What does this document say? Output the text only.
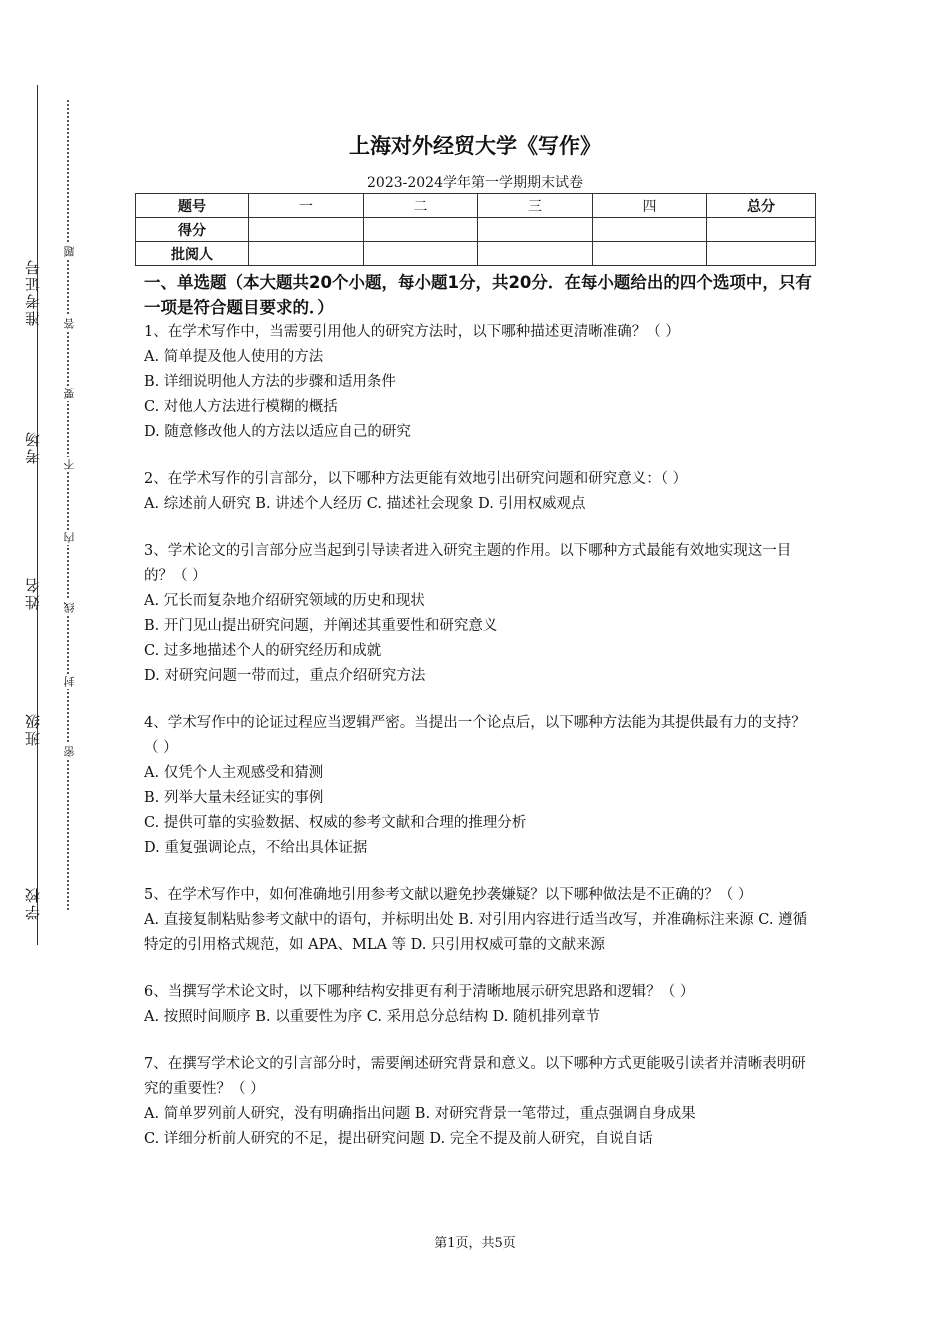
准考证号
考场
姓名
班级
学校
题
答
要
不
内
线
封
密
上海对外经贸大学《写作》
2023-2024学年第一学期期末试卷
题号	一	二	三	四	总分
得分					
批阅人					
一、单选题（本大题共20个小题，每小题1分，共20分．在每小题给出的四个选项中，只有一项是符合题目要求的．）

1、在学术写作中，当需要引用他人的研究方法时，以下哪种描述更清晰准确？（ ）

A. 简单提及他人使用的方法

B. 详细说明他人方法的步骤和适用条件

C. 对他人方法进行模糊的概括

D. 随意修改他人的方法以适应自己的研究

2、在学术写作的引言部分，以下哪种方法更能有效地引出研究问题和研究意义：（ ）

A. 综述前人研究 B. 讲述个人经历 C. 描述社会现象 D. 引用权威观点

3、学术论文的引言部分应当起到引导读者进入研究主题的作用。以下哪种方式最能有效地实现这一目的？（ ）

A. 冗长而复杂地介绍研究领域的历史和现状

B. 开门见山提出研究问题，并阐述其重要性和研究意义

C. 过多地描述个人的研究经历和成就

D. 对研究问题一带而过，重点介绍研究方法

4、学术写作中的论证过程应当逻辑严密。当提出一个论点后，以下哪种方法能为其提供最有力的支持？（ ）

A. 仅凭个人主观感受和猜测

B. 列举大量未经证实的事例

C. 提供可靠的实验数据、权威的参考文献和合理的推理分析

D. 重复强调论点，不给出具体证据

5、在学术写作中，如何准确地引用参考文献以避免抄袭嫌疑？以下哪种做法是不正确的？（ ）

A. 直接复制粘贴参考文献中的语句，并标明出处 B. 对引用内容进行适当改写，并准确标注来源 C. 遵循特定的引用格式规范，如 APA、MLA 等 D. 只引用权威可靠的文献来源

6、当撰写学术论文时，以下哪种结构安排更有利于清晰地展示研究思路和逻辑？（ ）

A. 按照时间顺序 B. 以重要性为序 C. 采用总分总结构 D. 随机排列章节

7、在撰写学术论文的引言部分时，需要阐述研究背景和意义。以下哪种方式更能吸引读者并清晰表明研究的重要性？（ ）

A. 简单罗列前人研究，没有明确指出问题 B. 对研究背景一笔带过，重点强调自身成果

C. 详细分析前人研究的不足，提出研究问题 D. 完全不提及前人研究，自说自话

第1页，共5页
